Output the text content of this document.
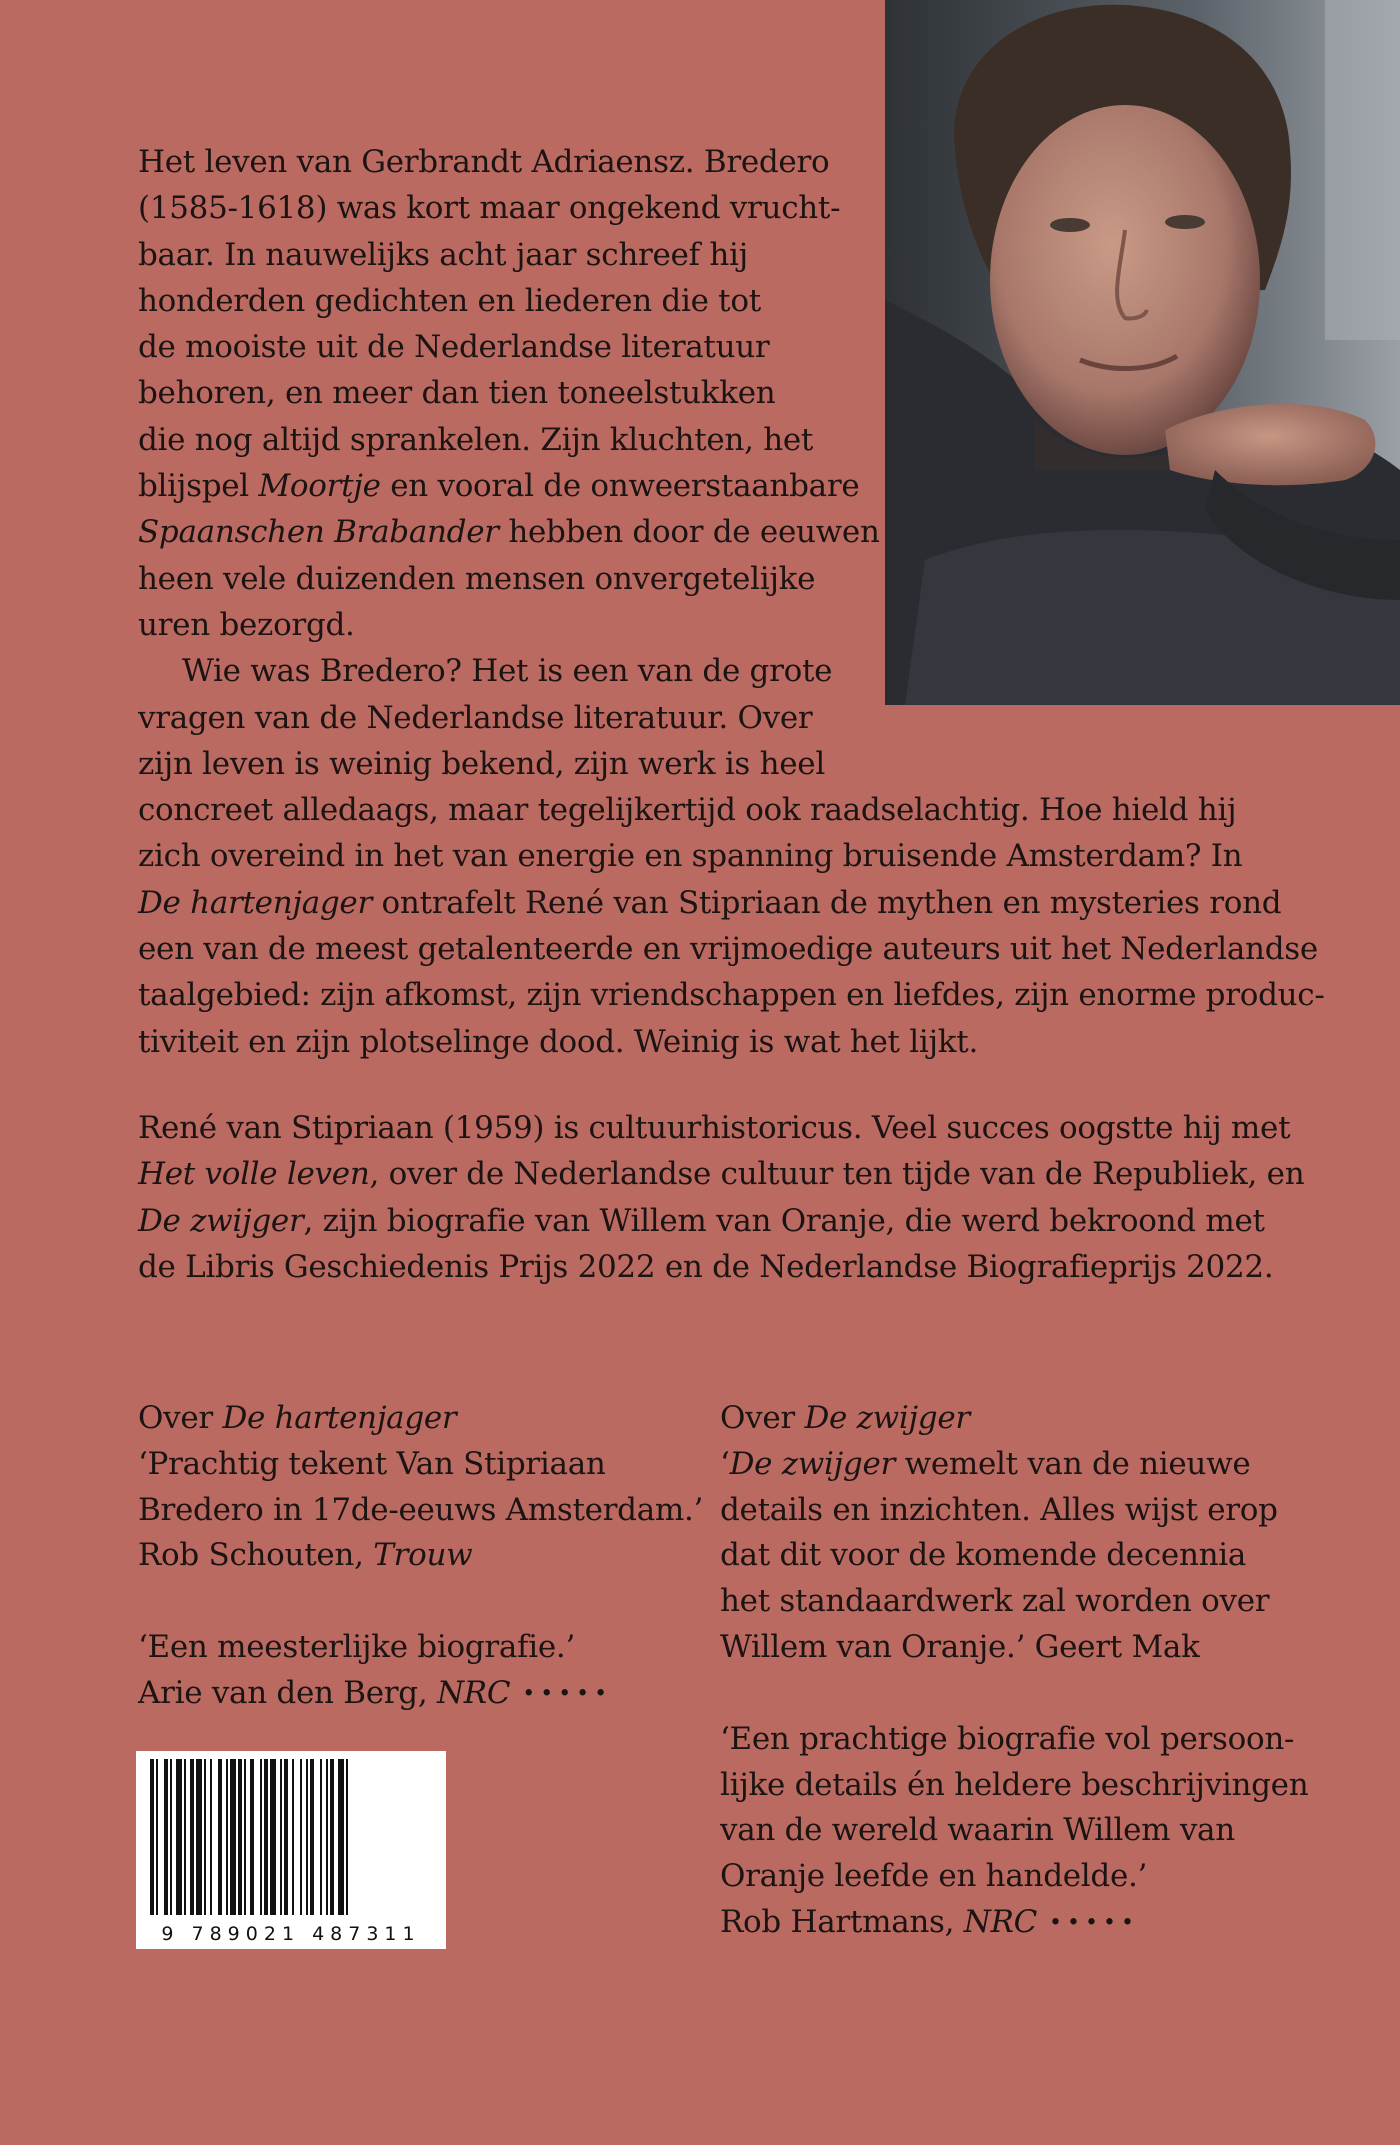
Het leven van Gerbrandt Adriaensz. Bredero
(1585-1618) was kort maar ongekend vrucht-
baar. In nauwelijks acht jaar schreef hij
honderden gedichten en liederen die tot
de mooiste uit de Nederlandse literatuur
behoren, en meer dan tien toneelstukken
die nog altijd sprankelen. Zijn kluchten, het
blijspel Moortje en vooral de onweerstaanbare
Spaanschen Brabander hebben door de eeuwen
heen vele duizenden mensen onvergetelijke
uren bezorgd.
Wie was Bredero? Het is een van de grote
vragen van de Nederlandse literatuur. Over
zijn leven is weinig bekend, zijn werk is heel
concreet alledaags, maar tegelijkertijd ook raadselachtig. Hoe hield hij
zich overeind in het van energie en spanning bruisende Amsterdam? In
De hartenjager ontrafelt René van Stipriaan de mythen en mysteries rond
een van de meest getalenteerde en vrijmoedige auteurs uit het Nederlandse
taalgebied: zijn afkomst, zijn vriendschappen en liefdes, zijn enorme produc-
tiviteit en zijn plotselinge dood. Weinig is wat het lijkt.
René van Stipriaan (1959) is cultuurhistoricus. Veel succes oogstte hij met
Het volle leven, over de Nederlandse cultuur ten tijde van de Republiek, en
De zwijger, zijn biografie van Willem van Oranje, die werd bekroond met
de Libris Geschiedenis Prijs 2022 en de Nederlandse Biografieprijs 2022.
Over De hartenjager
‘Prachtig tekent Van Stipriaan
Bredero in 17de-eeuws Amsterdam.’
Rob Schouten, Trouw
‘Een meesterlijke biografie.’
Arie van den Berg, NRC •••••
Over De zwijger
‘De zwijger wemelt van de nieuwe
details en inzichten. Alles wijst erop
dat dit voor de komende decennia
het standaardwerk zal worden over
Willem van Oranje.’ Geert Mak
‘Een prachtige biografie vol persoon-
lijke details én heldere beschrijvingen
van de wereld waarin Willem van
Oranje leefde en handelde.’
Rob Hartmans, NRC •••••
9 789021 487311
